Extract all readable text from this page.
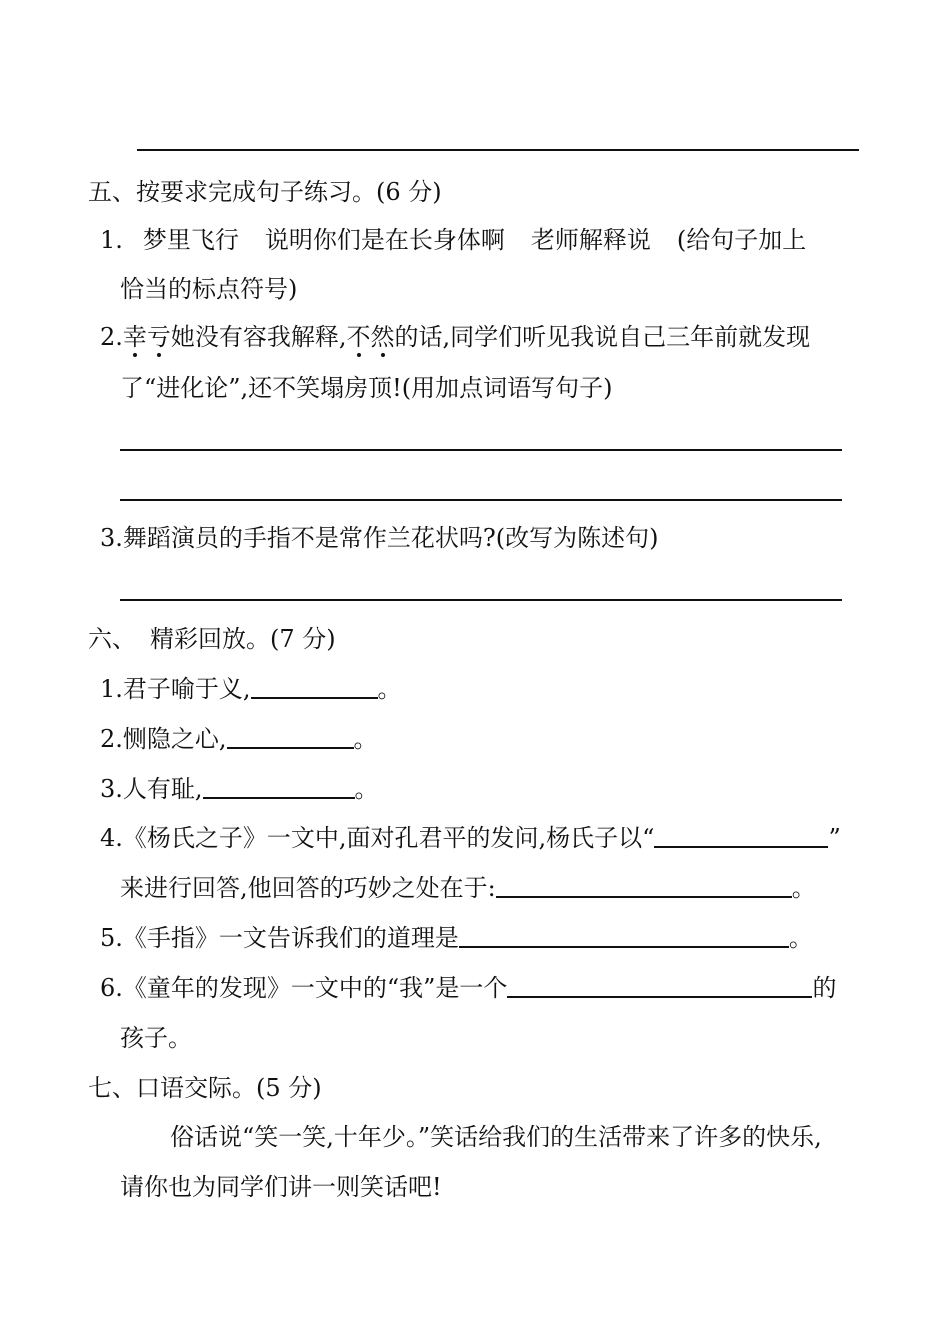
五、按要求完成句子练习。(6 分)
1. 梦里飞行 说明你们是在长身体啊 老师解释说 (给句子加上
恰当的标点符号)
2.幸亏她没有容我解释,不然的话,同学们听见我说自己三年前就发现
了“进化论”,还不笑塌房顶!(用加点词语写句子)
3.舞蹈演员的手指不是常作兰花状吗?(改写为陈述句)
六、 精彩回放。(7 分)
1.君子喻于义,	。
2.恻隐之心,	。
3.人有耻,	。
4.《杨氏之子》一文中,面对孔君平的发问,杨氏子以“	”
来进行回答,他回答的巧妙之处在于:	。
5.《手指》一文告诉我们的道理是	。
6.《童年的发现》一文中的“我”是一个	的
孩子。
七、口语交际。(5 分)
俗话说“笑一笑,十年少。”笑话给我们的生活带来了许多的快乐,
请你也为同学们讲一则笑话吧!
